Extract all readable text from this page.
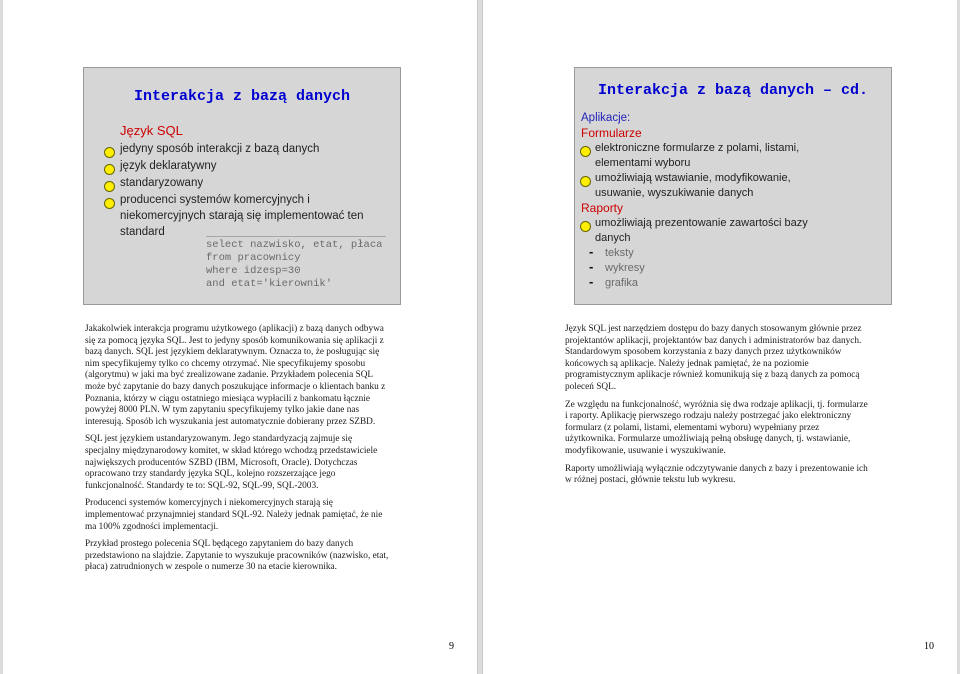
Interakcja z bazą danych
Język SQL
jedyny sposób interakcji z bazą danych
język deklaratywny
standaryzowany
producenci systemów komercyjnych i
niekomercyjnych starają się implementować ten
standard
select nazwisko, etat, płaca
from pracownicy
where idzesp=30
and etat='kierownik'

Jakakolwiek interakcja programu użytkowego (aplikacji) z bazą danych odbywa
się za pomocą języka SQL. Jest to jedyny sposób komunikowania się aplikacji z
bazą danych. SQL jest językiem deklaratywnym. Oznacza to, że posługując się
nim specyfikujemy tylko co chcemy otrzymać. Nie specyfikujemy sposobu
(algorytmu) w jaki ma być zrealizowane zadanie. Przykładem polecenia SQL
może być zapytanie do bazy danych poszukujące informacje o klientach banku z
Poznania, którzy w ciągu ostatniego miesiąca wypłacili z bankomatu łącznie
powyżej 8000 PLN. W tym zapytaniu specyfikujemy tylko jakie dane nas
interesują. Sposób ich wyszukania jest automatycznie dobierany przez SZBD.

SQL jest językiem ustandaryzowanym. Jego standardyzacją zajmuje się
specjalny międzynarodowy komitet, w skład którego wchodzą przedstawiciele
największych producentów SZBD (IBM, Microsoft, Oracle). Dotychczas
opracowano trzy standardy języka SQL, kolejno rozszerzające jego
funkcjonalność. Standardy te to: SQL-92, SQL-99, SQL-2003.

Producenci systemów komercyjnych i niekomercyjnych starają się
implementować przynajmniej standard SQL-92. Należy jednak pamiętać, że nie
ma 100% zgodności implementacji.

Przykład prostego polecenia SQL będącego zapytaniem do bazy danych
przedstawiono na slajdzie. Zapytanie to wyszukuje pracowników (nazwisko, etat,
płaca) zatrudnionych w zespole o numerze 30 na etacie kierownika.

9
Interakcja z bazą danych – cd.
Aplikacje:
Formularze
elektroniczne formularze z polami, listami,
elementami wyboru
umożliwiają wstawianie, modyfikowanie,
usuwanie, wyszukiwanie danych
Raporty
umożliwiają prezentowanie zawartości bazy
danych
- teksty
- wykresy
- grafika

Język SQL jest narzędziem dostępu do bazy danych stosowanym głównie przez
projektantów aplikacji, projektantów baz danych i administratorów baz danych.
Standardowym sposobem korzystania z bazy danych przez użytkowników
końcowych są aplikacje. Należy jednak pamiętać, że na poziomie
programistycznym aplikacje również komunikują się z bazą danych za pomocą
poleceń SQL.

Ze względu na funkcjonalność, wyróżnia się dwa rodzaje aplikacji, tj. formularze
i raporty. Aplikację pierwszego rodzaju należy postrzegać jako elektroniczny
formularz (z polami, listami, elementami wyboru) wypełniany przez
użytkownika. Formularze umożliwiają pełną obsługę danych, tj. wstawianie,
modyfikowanie, usuwanie i wyszukiwanie.

Raporty umożliwiają wyłącznie odczytywanie danych z bazy i prezentowanie ich
w różnej postaci, głównie tekstu lub wykresu.

10
